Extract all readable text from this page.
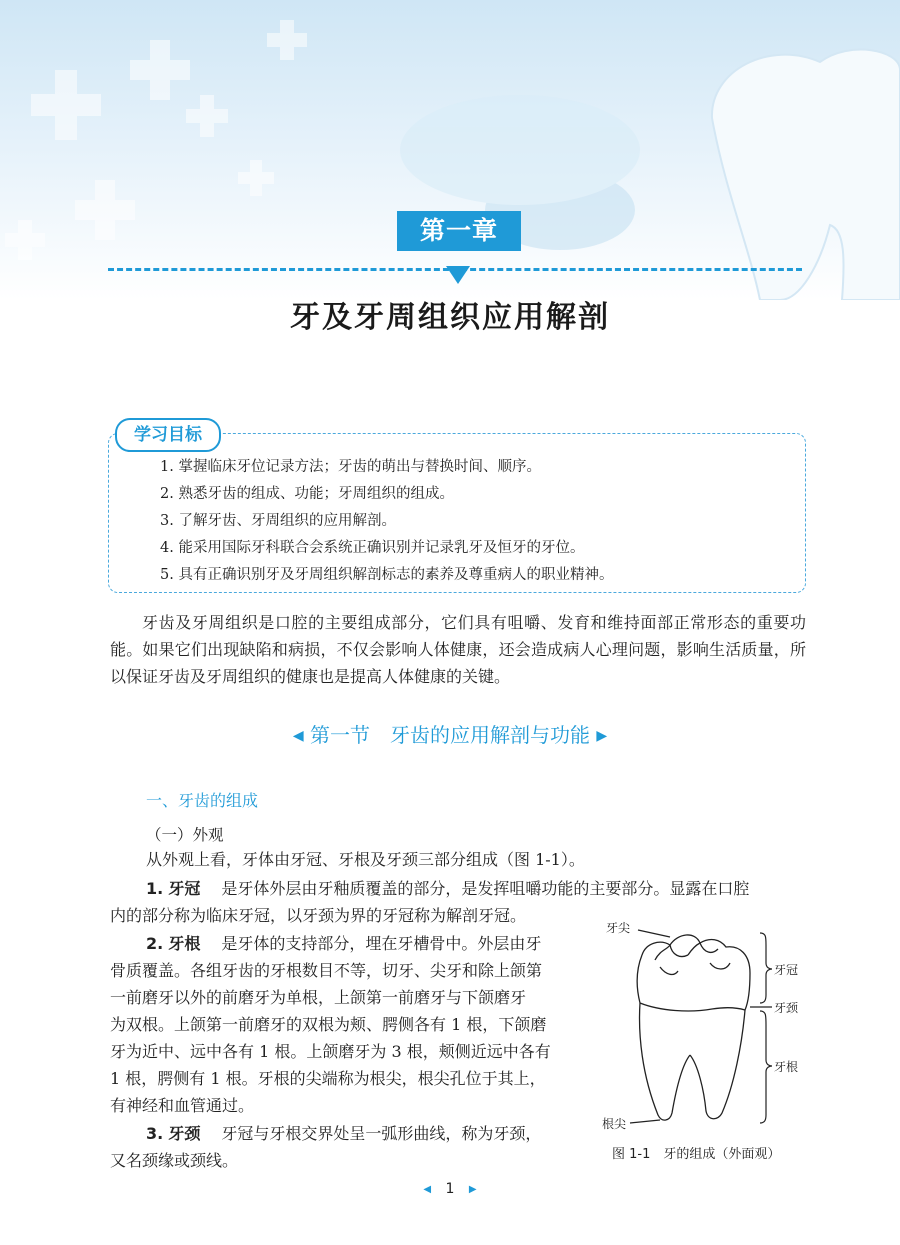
第一章
牙及牙周组织应用解剖
学习目标
1. 掌握临床牙位记录方法；牙齿的萌出与替换时间、顺序。
2. 熟悉牙齿的组成、功能；牙周组织的组成。
3. 了解牙齿、牙周组织的应用解剖。
4. 能采用国际牙科联合会系统正确识别并记录乳牙及恒牙的牙位。
5. 具有正确识别牙及牙周组织解剖标志的素养及尊重病人的职业精神。

牙齿及牙周组织是口腔的主要组成部分，它们具有咀嚼、发育和维持面部正常形态的重要功能。如果它们出现缺陷和病损，不仅会影响人体健康，还会造成病人心理问题，影响生活质量，所以保证牙齿及牙周组织的健康也是提高人体健康的关键。

◀ 第一节　牙齿的应用解剖与功能 ▶
一、牙齿的组成
（一）外观
从外观上看，牙体由牙冠、牙根及牙颈三部分组成（图 1-1）。
1. 牙冠   是牙体外层由牙釉质覆盖的部分，是发挥咀嚼功能的主要部分。显露在口腔
内的部分称为临床牙冠，以牙颈为界的牙冠称为解剖牙冠。
2. 牙根   是牙体的支持部分，埋在牙槽骨中。外层由牙
骨质覆盖。各组牙齿的牙根数目不等，切牙、尖牙和除上颌第
一前磨牙以外的前磨牙为单根，上颌第一前磨牙与下颌磨牙
为双根。上颌第一前磨牙的双根为颊、腭侧各有 1 根，下颌磨
牙为近中、远中各有 1 根。上颌磨牙为 3 根，颊侧近远中各有
1 根，腭侧有 1 根。牙根的尖端称为根尖，根尖孔位于其上，
有神经和血管通过。
3. 牙颈   牙冠与牙根交界处呈一弧形曲线，称为牙颈，
又名颈缘或颈线。
牙尖
牙冠
牙颈
牙根
根尖
图 1-1　牙的组成（外面观）
◀ 1 ▶
